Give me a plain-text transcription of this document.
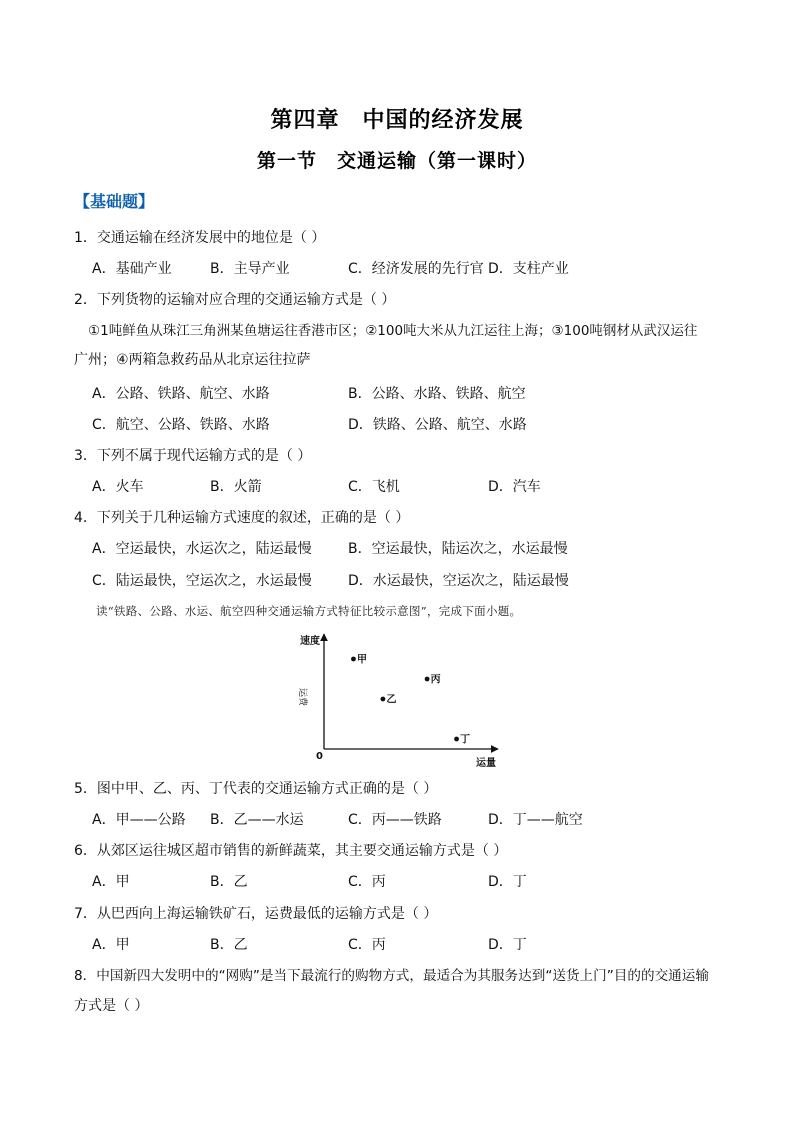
第四章　中国的经济发展
第一节　交通运输（第一课时）
【基础题】
1．交通运输在经济发展中的地位是（ ）
A．基础产业	B．主导产业	C．经济发展的先行官 D．支柱产业
2．下列货物的运输对应合理的交通运输方式是（ ）
①1吨鲜鱼从珠江三角洲某鱼塘运往香港市区；②100吨大米从九江运往上海；③100吨钢材从武汉运往
广州；④两箱急救药品从北京运往拉萨
A．公路、铁路、航空、水路	B．公路、水路、铁路、航空
C．航空、公路、铁路、水路	D．铁路、公路、航空、水路
3．下列不属于现代运输方式的是（ ）
A．火车	B．火箭	C．飞机	D．汽车
4．下列关于几种运输方式速度的叙述，正确的是（ ）
A．空运最快，水运次之，陆运最慢	B．空运最快，陆运次之，水运最慢
C．陆运最快，空运次之，水运最慢	D．水运最快，空运次之，陆运最慢
读“铁路、公路、水运、航空四种交通运输方式特征比较示意图”，完成下面小题。
速度
运量
0
运费
甲
乙
丙
丁
5．图中甲、乙、丙、丁代表的交通运输方式正确的是（ ）
A．甲——公路 B．乙——水运	C．丙——铁路	D．丁——航空
6．从郊区运往城区超市销售的新鲜蔬菜，其主要交通运输方式是（ ）
A．甲	B．乙	C．丙	D．丁
7．从巴西向上海运输铁矿石，运费最低的运输方式是（ ）
A．甲	B．乙	C．丙	D．丁
8．中国新四大发明中的“网购”是当下最流行的购物方式，最适合为其服务达到“送货上门”目的的交通运输
方式是（ ）
